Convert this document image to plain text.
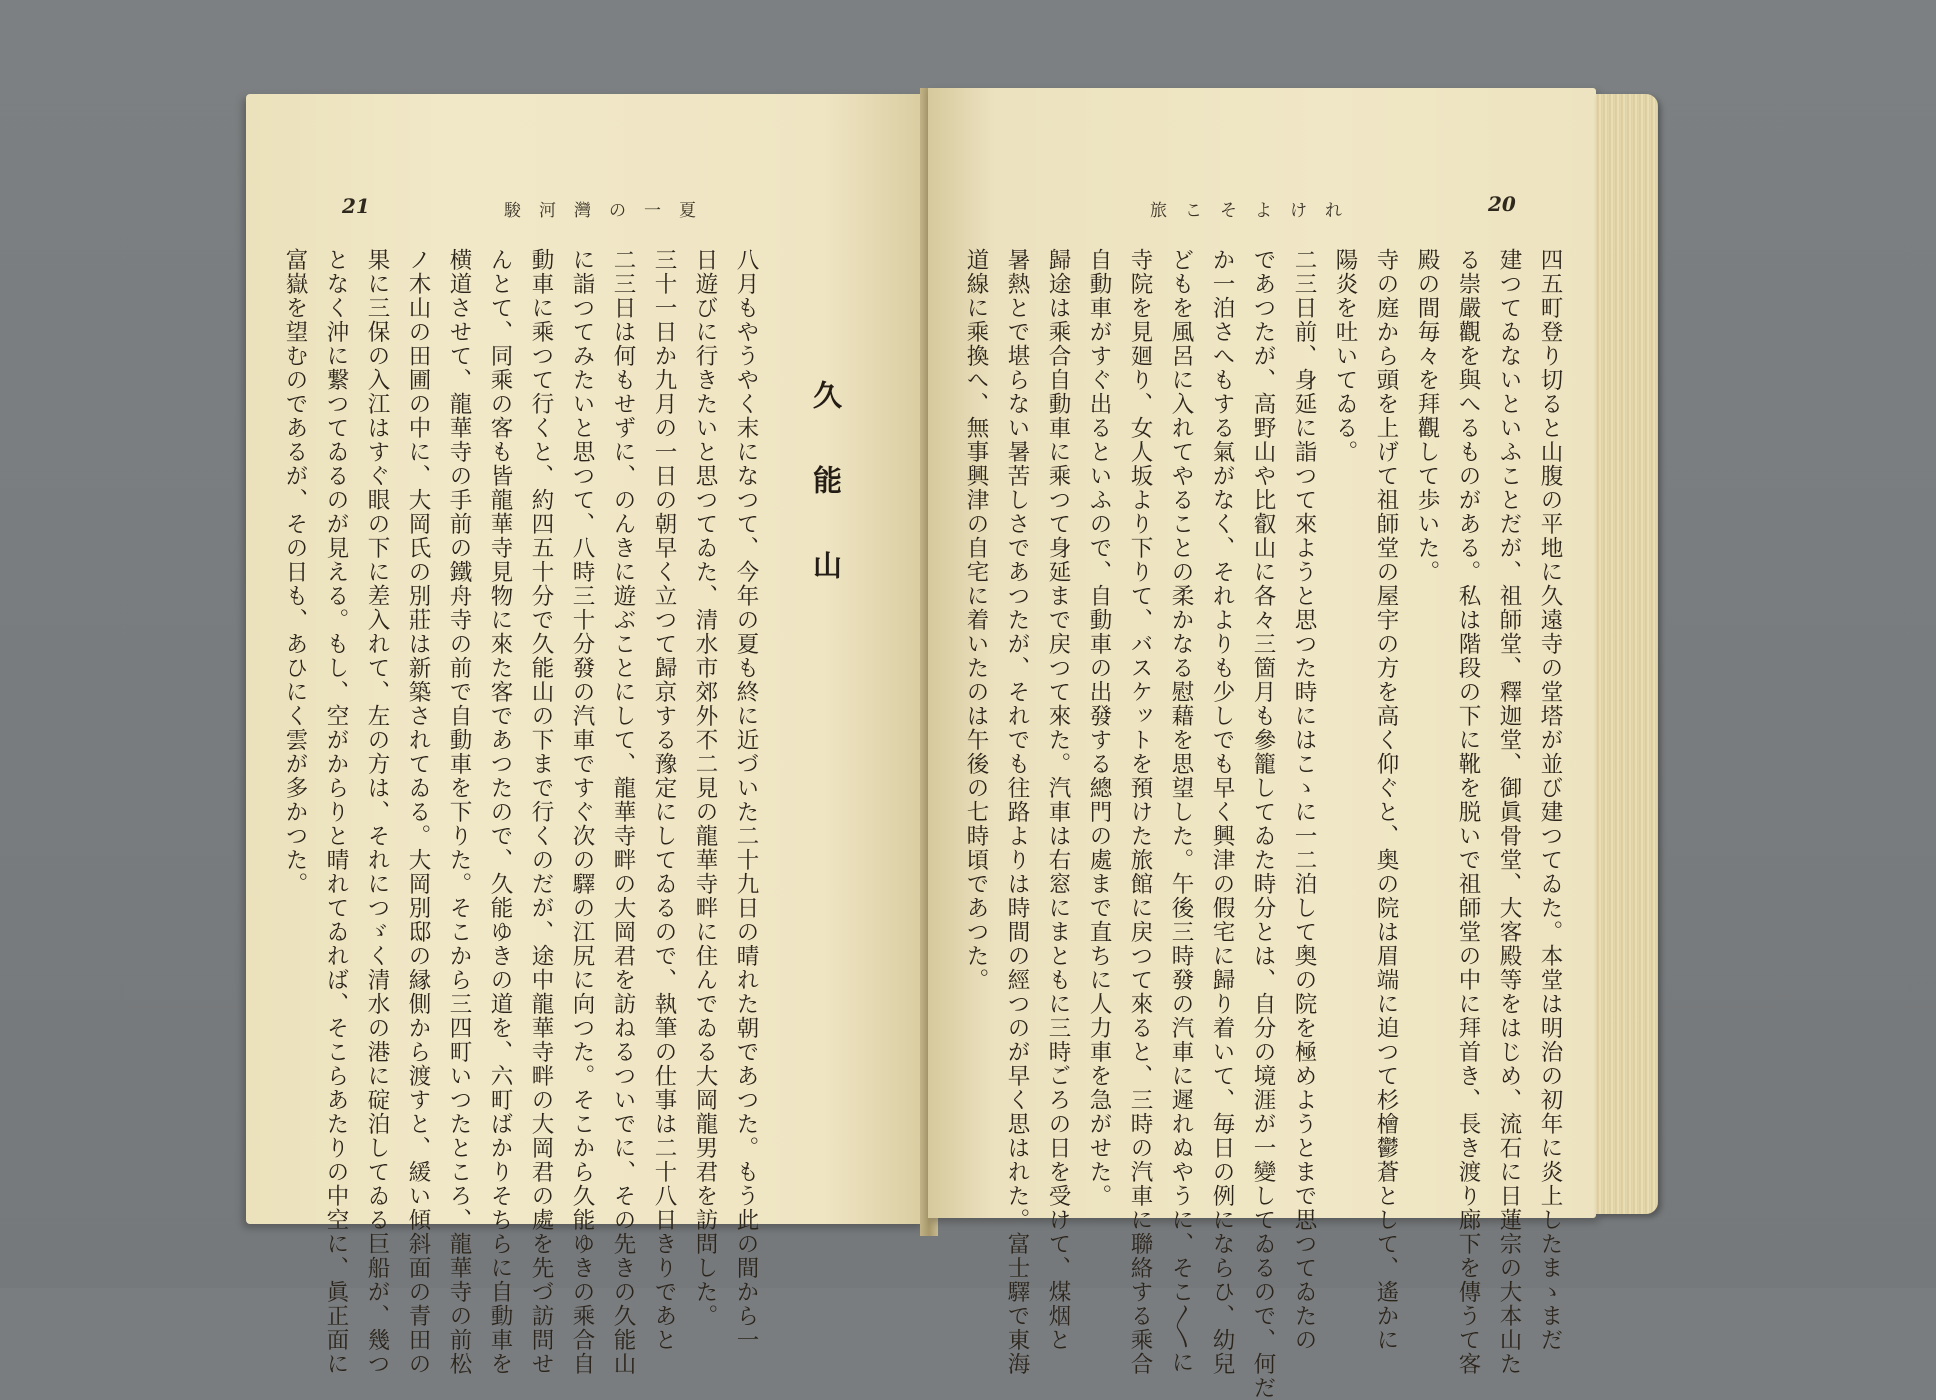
21	駿河灣の一夏
久能山
八月もやうやく末になつて、今年の夏も終に近づいた二十九日の晴れた朝であつた。もう此の間から一
日遊びに行きたいと思つてゐた、清水市郊外不二見の龍華寺畔に住んでゐる大岡龍男君を訪問した。
三十一日か九月の一日の朝早く立つて歸京する豫定にしてゐるので、執筆の仕事は二十八日きりであと
二三日は何もせずに、のんきに遊ぶことにして、龍華寺畔の大岡君を訪ねるついでに、その先きの久能山
に詣つてみたいと思つて、八時三十分發の汽車ですぐ次の驛の江尻に向つた。そこから久能ゆきの乘合自
動車に乘つて行くと、約四五十分で久能山の下まで行くのだが、途中龍華寺畔の大岡君の處を先づ訪問せ
んとて、同乘の客も皆龍華寺見物に來た客であつたので、久能ゆきの道を、六町ばかりそちらに自動車を
横道させて、龍華寺の手前の鐵舟寺の前で自動車を下りた。そこから三四町いつたところ、龍華寺の前松
ノ木山の田圃の中に、大岡氏の別莊は新築されてゐる。大岡別邸の縁側から渡すと、緩い傾斜面の青田の
果に三保の入江はすぐ眼の下に差入れて、左の方は、それにつゞく清水の港に碇泊してゐる巨船が、幾つ
となく沖に繋つてゐるのが見える。もし、空がからりと晴れてゐれば、そこらあたりの中空に、眞正面に
富嶽を望むのであるが、その日も、あひにく雲が多かつた。
旅こそよけれ	20
四五町登り切ると山腹の平地に久遠寺の堂塔が並び建つてゐた。本堂は明治の初年に炎上したまゝまだ
建つてゐないといふことだが、祖師堂、釋迦堂、御眞骨堂、大客殿等をはじめ、流石に日蓮宗の大本山た
る崇嚴觀を與へるものがある。私は階段の下に靴を脱いで祖師堂の中に拜首き、長き渡り廊下を傳うて客
殿の間毎々を拜觀して歩いた。
寺の庭から頭を上げて祖師堂の屋宇の方を高く仰ぐと、奥の院は眉端に迫つて杉檜鬱蒼として、遙かに
陽炎を吐いてゐる。
二三日前、身延に詣つて來ようと思つた時にはこゝに一二泊して奥の院を極めようとまで思つてゐたの
であつたが、高野山や比叡山に各々三箇月も參籠してゐた時分とは、自分の境涯が一變してゐるので、何だ
か一泊さへもする氣がなく、それよりも少しでも早く興津の假宅に歸り着いて、毎日の例にならひ、幼兒
どもを風呂に入れてやることの柔かなる慰藉を思望した。午後三時發の汽車に遲れぬやうに、そこ〳〵に
寺院を見廻り、女人坂より下りて、バスケットを預けた旅館に戻つて來ると、三時の汽車に聯絡する乘合
自動車がすぐ出るといふので、自動車の出發する總門の處まで直ちに人力車を急がせた。
歸途は乘合自動車に乘つて身延まで戻つて來た。汽車は右窓にまともに三時ごろの日を受けて、煤烟と
暑熱とで堪らない暑苦しさであつたが、それでも往路よりは時間の經つのが早く思はれた。富士驛で東海
道線に乘換へ、無事興津の自宅に着いたのは午後の七時頃であつた。
